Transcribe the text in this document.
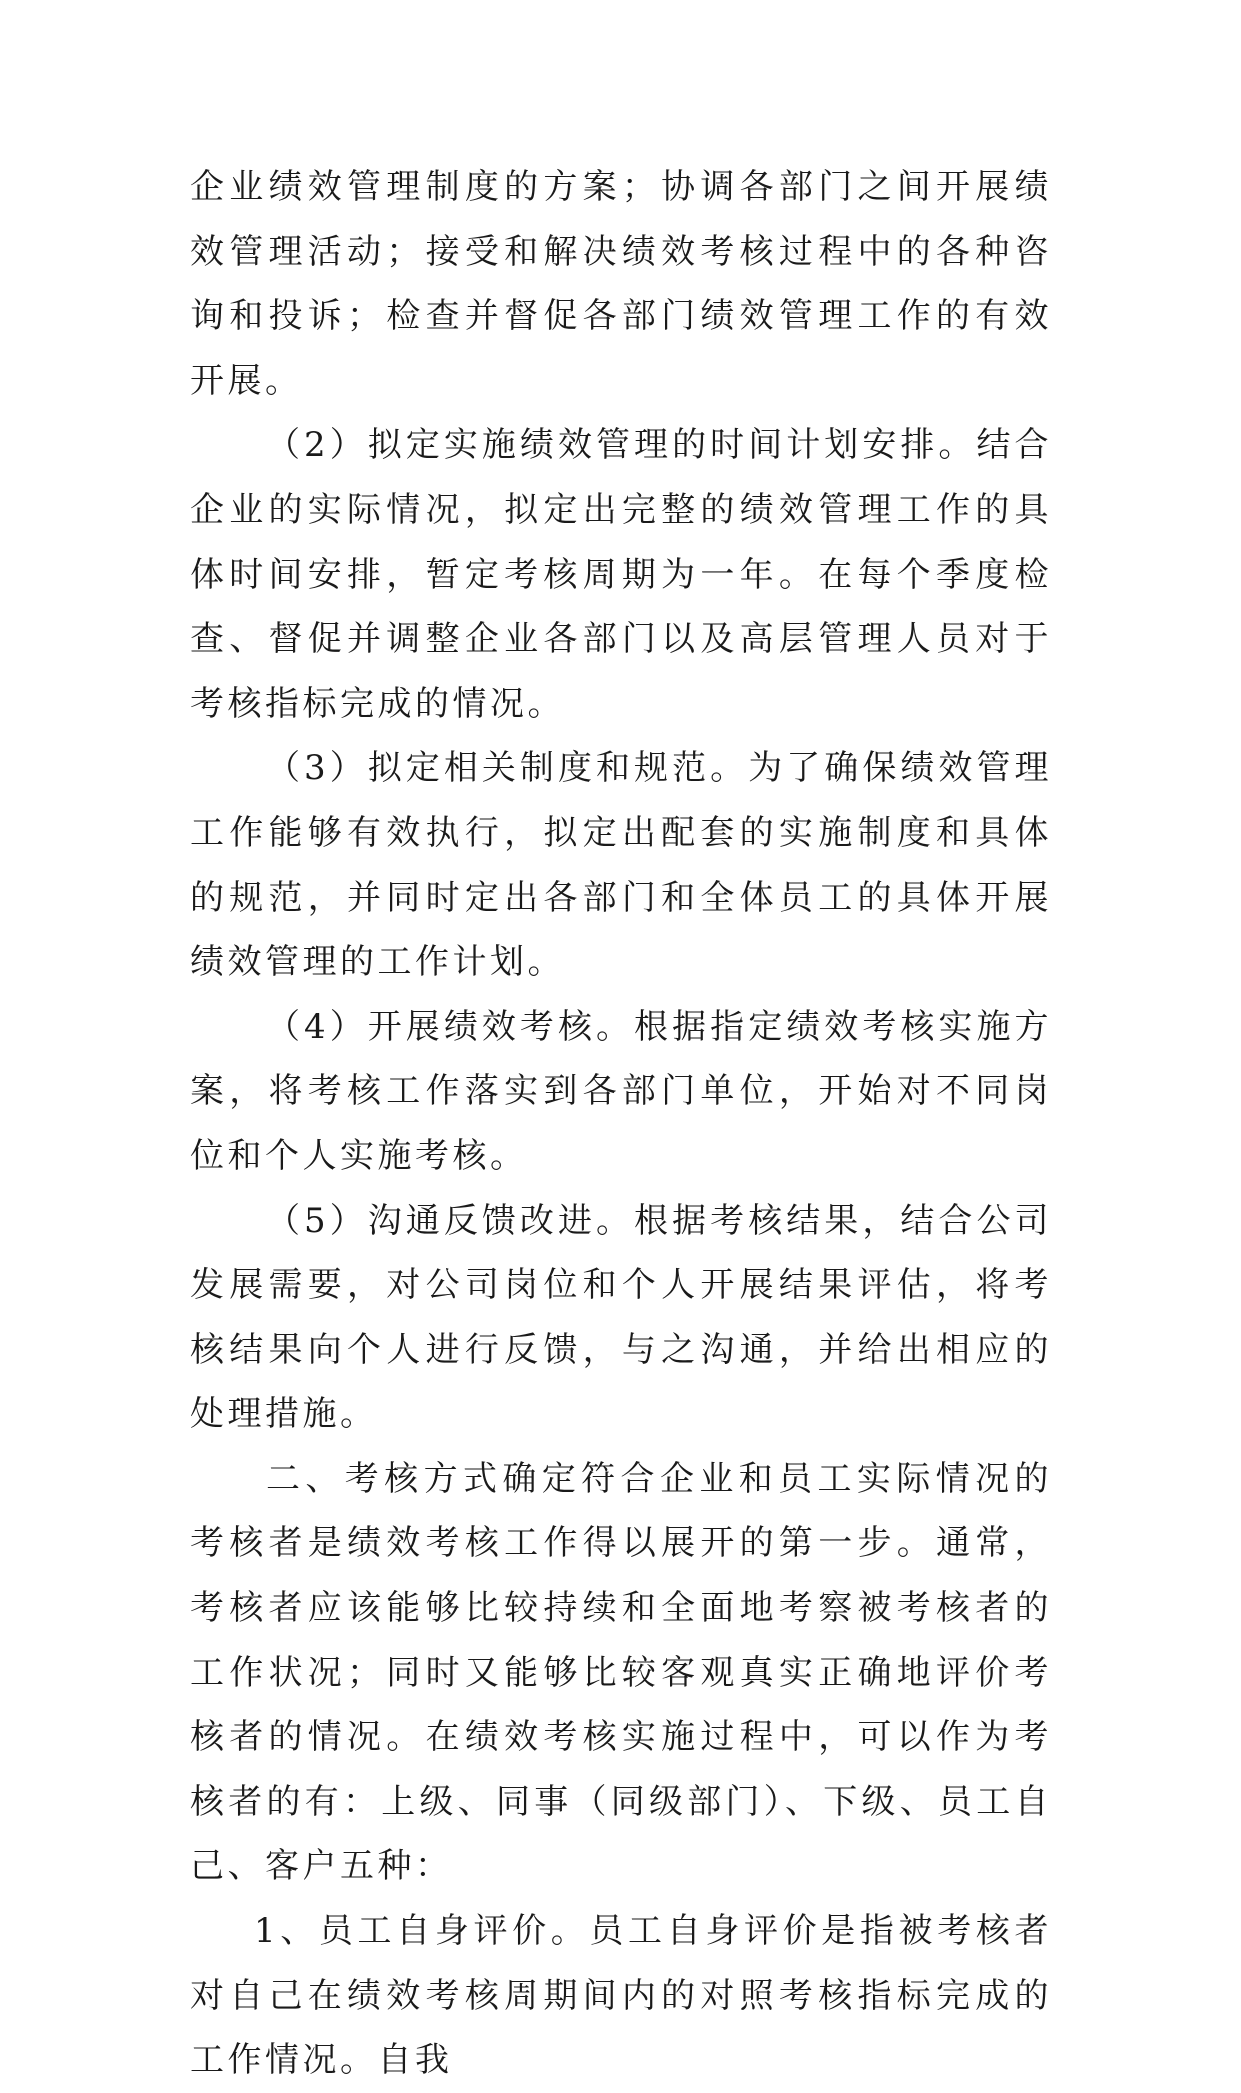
企业绩效管理制度的方案；协调各部门之间开展绩效管理活动；接受和解决绩效考核过程中的各种咨询和投诉；检查并督促各部门绩效管理工作的有效开展。

（2）拟定实施绩效管理的时间计划安排。结合企业的实际情况，拟定出完整的绩效管理工作的具体时间安排，暂定考核周期为一年。在每个季度检查、督促并调整企业各部门以及高层管理人员对于考核指标完成的情况。

（3）拟定相关制度和规范。为了确保绩效管理工作能够有效执行，拟定出配套的实施制度和具体的规范，并同时定出各部门和全体员工的具体开展绩效管理的工作计划。

（4）开展绩效考核。根据指定绩效考核实施方案，将考核工作落实到各部门单位，开始对不同岗位和个人实施考核。

（5）沟通反馈改进。根据考核结果，结合公司发展需要，对公司岗位和个人开展结果评估，将考核结果向个人进行反馈，与之沟通，并给出相应的处理措施。

二、考核方式确定符合企业和员工实际情况的考核者是绩效考核工作得以展开的第一步。通常，考核者应该能够比较持续和全面地考察被考核者的工作状况；同时又能够比较客观真实正确地评价考核者的情况。在绩效考核实施过程中，可以作为考核者的有：上级、同事（同级部门）、下级、员工自己、客户五种：

1、员工自身评价。员工自身评价是指被考核者对自己在绩效考核周期间内的对照考核指标完成的工作情况。自我
